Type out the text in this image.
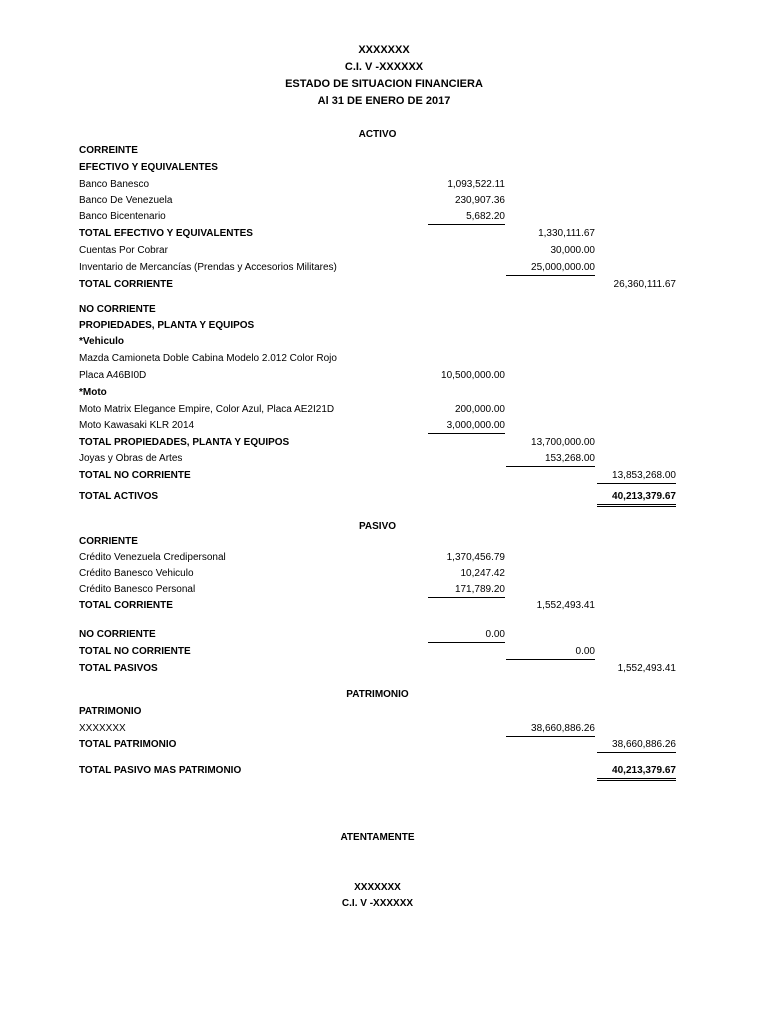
XXXXXXX
C.I. V -XXXXXX
ESTADO DE SITUACION FINANCIERA
Al 31 DE ENERO DE 2017
ACTIVO
CORREINTE
EFECTIVO Y EQUIVALENTES
Banco Banesco	1,093,522.11
Banco De Venezuela	230,907.36
Banco Bicentenario	5,682.20
TOTAL EFECTIVO Y EQUIVALENTES	1,330,111.67
Cuentas Por Cobrar	30,000.00
Inventario de Mercancías (Prendas y Accesorios Militares)	25,000,000.00
TOTAL CORRIENTE	26,360,111.67
NO CORRIENTE
PROPIEDADES, PLANTA Y EQUIPOS
*Vehiculo
Mazda Camioneta Doble Cabina Modelo 2.012 Color Rojo
Placa A46BI0D	10,500,000.00
*Moto
Moto Matrix Elegance Empire, Color Azul, Placa AE2I21D	200,000.00
Moto Kawasaki KLR 2014	3,000,000.00
TOTAL PROPIEDADES, PLANTA Y EQUIPOS	13,700,000.00
Joyas y Obras de Artes	153,268.00
TOTAL NO CORRIENTE	13,853,268.00
TOTAL ACTIVOS	40,213,379.67
PASIVO
CORRIENTE
Crédito Venezuela Credipersonal	1,370,456.79
Crédito Banesco Vehiculo	10,247.42
Crédito Banesco Personal	171,789.20
TOTAL CORRIENTE	1,552,493.41
NO CORRIENTE	0.00
TOTAL NO CORRIENTE	0.00
TOTAL PASIVOS	1,552,493.41
PATRIMONIO
PATRIMONIO
XXXXXXX	38,660,886.26
TOTAL PATRIMONIO	38,660,886.26
TOTAL PASIVO MAS PATRIMONIO	40,213,379.67
ATENTAMENTE
XXXXXXX
C.I. V -XXXXXX
